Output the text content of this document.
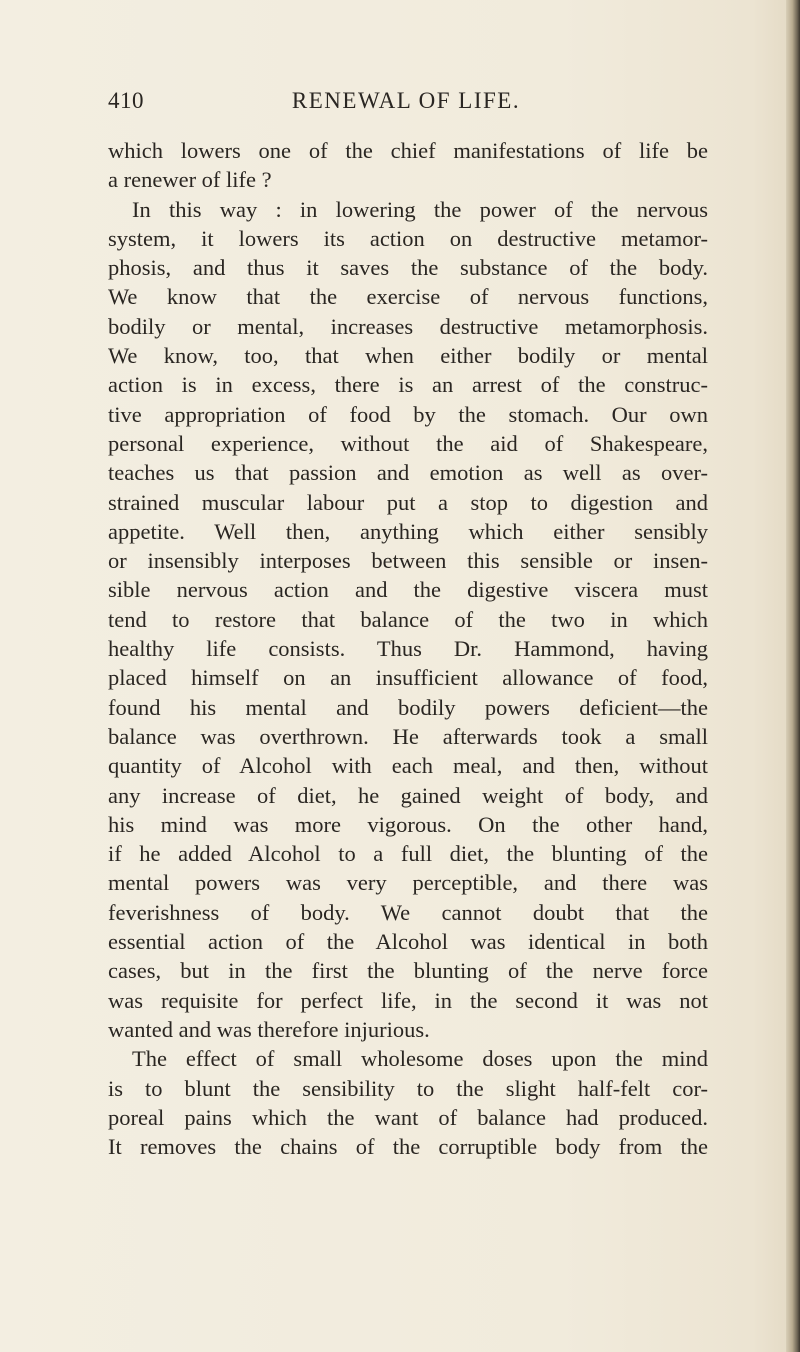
410	RENEWAL OF LIFE.
which lowers one of the chief manifestations of life be
a renewer of life ?
In this way : in lowering the power of the nervous
system, it lowers its action on destructive metamor-
phosis, and thus it saves the substance of the body.
We know that the exercise of nervous functions,
bodily or mental, increases destructive metamorphosis.
We know, too, that when either bodily or mental
action is in excess, there is an arrest of the construc-
tive appropriation of food by the stomach. Our own
personal experience, without the aid of Shakespeare,
teaches us that passion and emotion as well as over-
strained muscular labour put a stop to digestion and
appetite. Well then, anything which either sensibly
or insensibly interposes between this sensible or insen-
sible nervous action and the digestive viscera must
tend to restore that balance of the two in which
healthy life consists. Thus Dr. Hammond, having
placed himself on an insufficient allowance of food,
found his mental and bodily powers deficient—the
balance was overthrown. He afterwards took a small
quantity of Alcohol with each meal, and then, without
any increase of diet, he gained weight of body, and
his mind was more vigorous. On the other hand,
if he added Alcohol to a full diet, the blunting of the
mental powers was very perceptible, and there was
feverishness of body. We cannot doubt that the
essential action of the Alcohol was identical in both
cases, but in the first the blunting of the nerve force
was requisite for perfect life, in the second it was not
wanted and was therefore injurious.
The effect of small wholesome doses upon the mind
is to blunt the sensibility to the slight half-felt cor-
poreal pains which the want of balance had produced.
It removes the chains of the corruptible body from the
